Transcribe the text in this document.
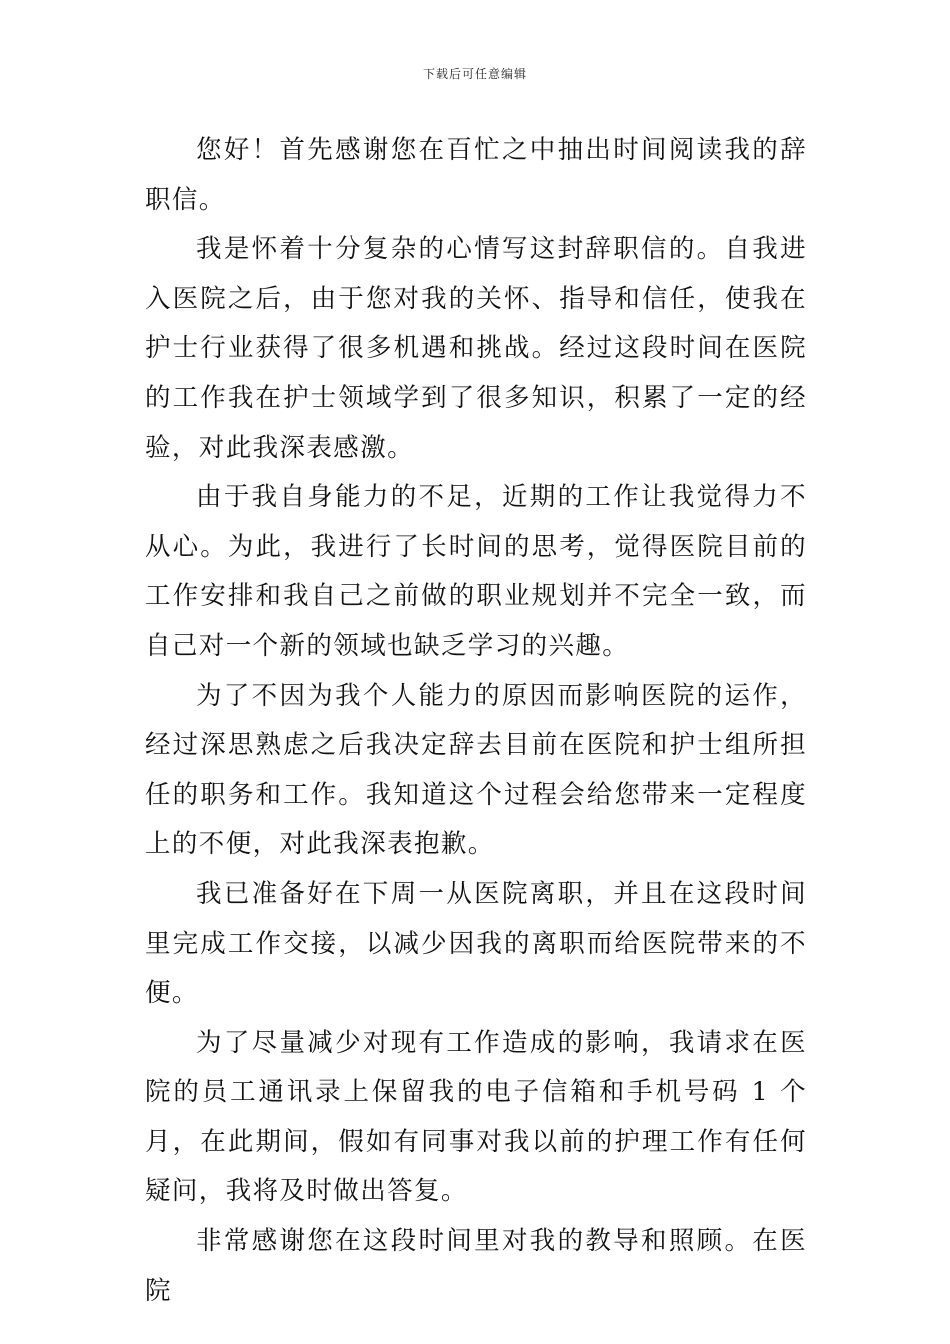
下载后可任意编辑

您好！首先感谢您在百忙之中抽出时间阅读我的辞职信。

我是怀着十分复杂的心情写这封辞职信的。自我进入医院之后，由于您对我的关怀、指导和信任，使我在护士行业获得了很多机遇和挑战。经过这段时间在医院的工作我在护士领域学到了很多知识，积累了一定的经验，对此我深表感激。

由于我自身能力的不足，近期的工作让我觉得力不从心。为此，我进行了长时间的思考，觉得医院目前的工作安排和我自己之前做的职业规划并不完全一致，而自己对一个新的领域也缺乏学习的兴趣。

为了不因为我个人能力的原因而影响医院的运作，经过深思熟虑之后我决定辞去目前在医院和护士组所担任的职务和工作。我知道这个过程会给您带来一定程度上的不便，对此我深表抱歉。

我已准备好在下周一从医院离职，并且在这段时间里完成工作交接，以减少因我的离职而给医院带来的不便。

为了尽量减少对现有工作造成的影响，我请求在医院的员工通讯录上保留我的电子信箱和手机号码 1 个月，在此期间，假如有同事对我以前的护理工作有任何疑问，我将及时做出答复。

非常感谢您在这段时间里对我的教导和照顾。在医院
